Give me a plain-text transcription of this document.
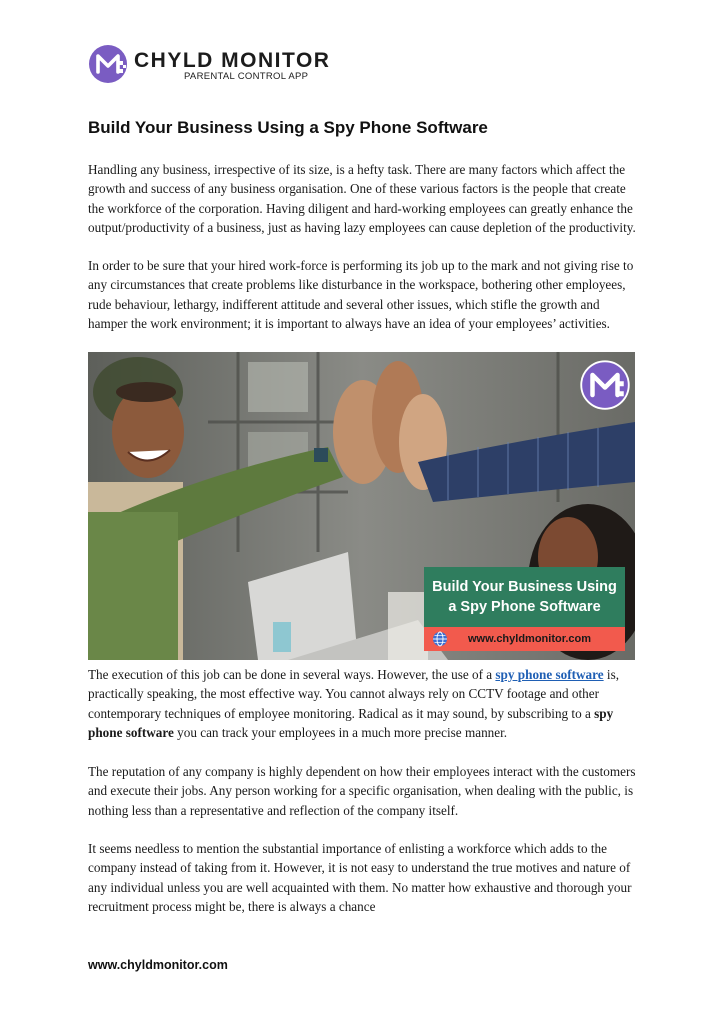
CHYLD MONITOR
PARENTAL CONTROL APP
Build Your Business Using a Spy Phone Software

Handling any business, irrespective of its size, is a hefty task. There are many factors which affect the growth and success of any business organisation. One of these various factors is the people that create the workforce of the corporation. Having diligent and hard-working employees can greatly enhance the output/productivity of a business, just as having lazy employees can cause depletion of the productivity.

In order to be sure that your hired work-force is performing its job up to the mark and not giving rise to any circumstances that create problems like disturbance in the workspace, bothering other employees, rude behaviour, lethargy, indifferent attitude and several other issues, which stifle the growth and hamper the work environment; it is important to always have an idea of your employees’ activities.

Build Your Business Using
a Spy Phone Software
www.chyldmonitor.com

The execution of this job can be done in several ways. However, the use of a spy phone software is, practically speaking, the most effective way. You cannot always rely on CCTV footage and other contemporary techniques of employee monitoring. Radical as it may sound, by subscribing to a spy phone software you can track your employees in a much more precise manner.

The reputation of any company is highly dependent on how their employees interact with the customers and execute their jobs. Any person working for a specific organisation, when dealing with the public, is nothing less than a representative and reflection of the company itself.

It seems needless to mention the substantial importance of enlisting a workforce which adds to the company instead of taking from it. However, it is not easy to understand the true motives and nature of any individual unless you are well acquainted with them. No matter how exhaustive and thorough your recruitment process might be, there is always a chance

www.chyldmonitor.com
